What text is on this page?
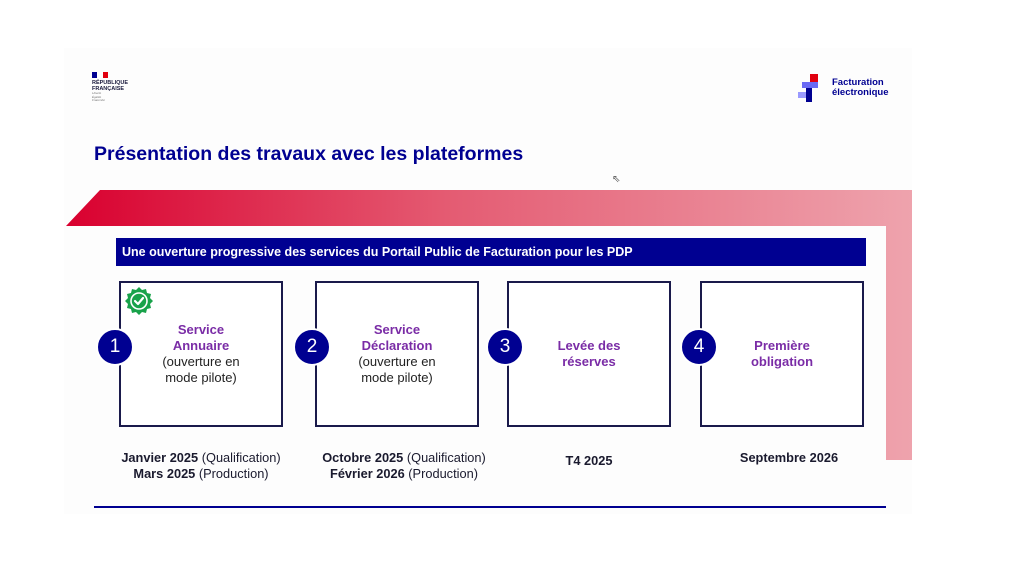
RÉPUBLIQUE
FRANÇAISE
Liberté
Égalité
Fraternité
Facturation
électronique
Présentation des travaux avec les plateformes
⇖
Une ouverture progressive des services du Portail Public de Facturation pour les PDP
Service
Annuaire
(ouverture en
mode pilote)
Service
Déclaration
(ouverture en
mode pilote)
Levée des
réserves
Première
obligation
1	2	3	4
Janvier 2025 (Qualification)
Mars 2025 (Production)
Octobre 2025 (Qualification)
Février 2026 (Production)
T4 2025	Septembre 2026
